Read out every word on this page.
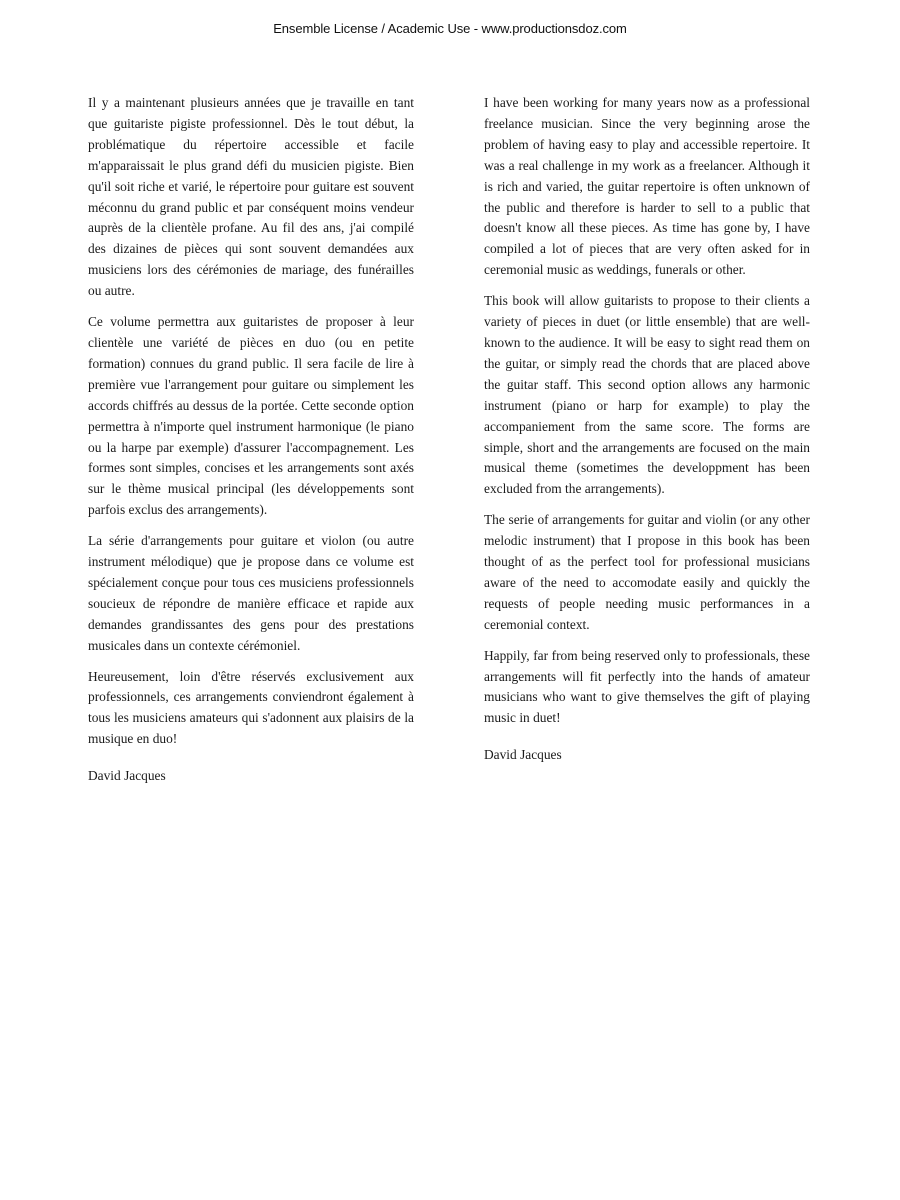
Ensemble License / Academic Use - www.productionsdoz.com

Il y a maintenant plusieurs années que je travaille en tant que guitariste pigiste professionnel. Dès le tout début, la problématique du répertoire accessible et facile m'apparaissait le plus grand défi du musicien pigiste. Bien qu'il soit riche et varié, le répertoire pour guitare est souvent méconnu du grand public et par conséquent moins vendeur auprès de la clientèle profane. Au fil des ans, j'ai compilé des dizaines de pièces qui sont souvent demandées aux musiciens lors des cérémonies de mariage, des funérailles ou autre.

Ce volume permettra aux guitaristes de proposer à leur clientèle une variété de pièces en duo (ou en petite formation) connues du grand public. Il sera facile de lire à première vue l'arrangement pour guitare ou simplement les accords chiffrés au dessus de la portée. Cette seconde option permettra à n'importe quel instrument harmonique (le piano ou la harpe par exemple) d'assurer l'accompagnement. Les formes sont simples, concises et les arrangements sont axés sur le thème musical principal (les développements sont parfois exclus des arrangements).

La série d'arrangements pour guitare et violon (ou autre instrument mélodique) que je propose dans ce volume est spécialement conçue pour tous ces musiciens professionnels soucieux de répondre de manière efficace et rapide aux demandes grandissantes des gens pour des prestations musicales dans un contexte cérémoniel.

Heureusement, loin d'être réservés exclusivement aux professionnels, ces arrangements conviendront également à tous les musiciens amateurs qui s'adonnent aux plaisirs de la musique en duo!

David Jacques

I have been working for many years now as a professional freelance musician. Since the very beginning arose the problem of having easy to play and accessible repertoire. It was a real challenge in my work as a freelancer. Although it is rich and varied, the guitar repertoire is often unknown of the public and therefore is harder to sell to a public that doesn't know all these pieces. As time has gone by, I have compiled a lot of pieces that are very often asked for in ceremonial music as weddings, funerals or other.

This book will allow guitarists to propose to their clients a variety of pieces in duet (or little ensemble) that are well-known to the audience. It will be easy to sight read them on the guitar, or simply read the chords that are placed above the guitar staff. This second option allows any harmonic instrument (piano or harp for example) to play the accompaniement from the same score. The forms are simple, short and the arrangements are focused on the main musical theme (sometimes the developpment has been excluded from the arrangements).

The serie of arrangements for guitar and violin (or any other melodic instrument) that I propose in this book has been thought of as the perfect tool for professional musicians aware of the need to accomodate easily and quickly the requests of people needing music performances in a ceremonial context.

Happily, far from being reserved only to professionals, these arrangements will fit perfectly into the hands of amateur musicians who want to give themselves the gift of playing music in duet!

David Jacques
